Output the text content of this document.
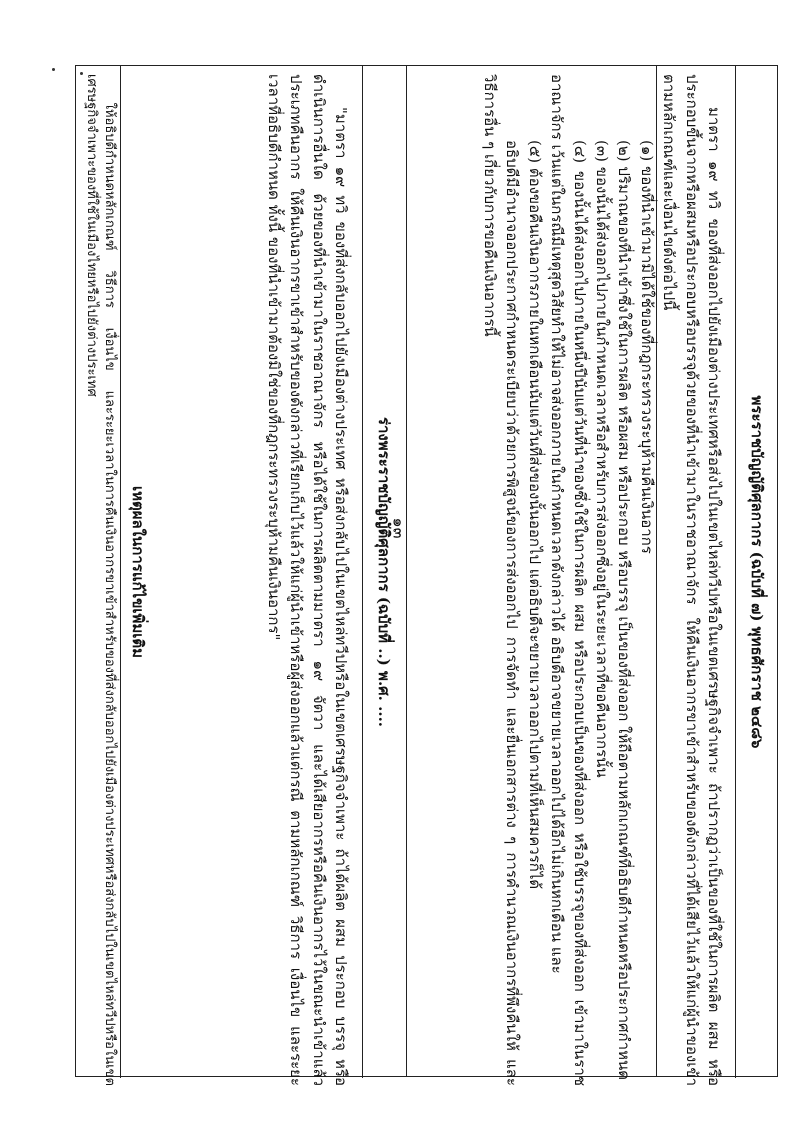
๑๓	พระราชบัญญัติศุลกากร (ฉบับที่ ๗) พุทธศักราช ๒๔๘๖

มาตรา ๑๙ ทวิ ของที่ส่งออกไปยังเมืองต่างประเทศหรือส่งไปในเขตไหล่ทวีปหรือในเขตเศรษฐกิจจำเพาะ ถ้าปรากฏว่าเป็นของที่ใช้ในการผลิต ผสม หรือประกอบขึ้นจากหรือผสมหรือประกอบหรือบรรจุด้วยของที่นำเข้ามาในราชอาณาจักร ให้คืนเงินอากรขาเข้าสำหรับของดังกล่าวที่ได้เสียไว้แล้วให้แก่ผู้นำของเข้า ตามหลักเกณฑ์และเงื่อนไขดังต่อไปนี้

(๑) ของที่นำเข้ามามิได้ใช้ของที่กฎกระทรวงระบุห้ามคืนเงินอากร

(๒) ปริมาณของที่นำเข้าซึ่งใช้ในการผลิต หรือผสม หรือประกอบ หรือบรรจุ เป็นของที่ส่งออก ให้ถือตามหลักเกณฑ์ที่อธิบดีกำหนดหรือประกาศกำหนด

(๓) ของนั้นได้ส่งออกไปภายในกำหนดเวลาหรือสำหรับการส่งออกซึ่งอยู่ในระยะเวลาที่ขอคืนอากรนั้น

(๔) ของนั้นได้ส่งออกไปภายในหนึ่งปีนับแต่วันที่นำของซึ่งใช้ในการผลิต ผสม หรือประกอบเป็นของที่ส่งออก หรือใช้บรรจุของที่ส่งออก เข้ามาในราชอาณาจักร เว้นแต่ในกรณีมีเหตุสุดวิสัยทำให้ไม่อาจส่งออกภายในกำหนดเวลาดังกล่าวได้ อธิบดีอาจขยายเวลาออกไปได้อีกไม่เกินหกเดือน และ

(๕) ต้องขอคืนเงินอากรภายในหกเดือนนับแต่วันที่ส่งของนั้นออกไป แต่อธิบดีจะขยายเวลาออกไปตามที่เห็นสมควรก็ได้

อธิบดีมีอำนาจออกประกาศกำหนดระเบียบว่าด้วยการพิสูจน์ของการส่งออกไป การจัดทำ และยื่นเอกสารต่าง ๆ การคำนวณเงินอากรที่พึงคืนให้ และวิธีการอื่น ๆ เกี่ยวกับการขอคืนเงินอากรนี้

ร่างพระราชบัญญัติศุลกากร (ฉบับที่ ..) พ.ศ. ....

"มาตรา ๑๙ ทวิ ของที่ส่งกลับออกไปยังเมืองต่างประเทศ หรือส่งกลับไปในเขตไหล่ทวีปหรือในเขตเศรษฐกิจจำเพาะ ถ้าได้ผลิต ผสม ประกอบ บรรจุ หรือดำเนินการอื่นใด ด้วยของที่นำเข้ามาในราชอาณาจักร หรือได้ใช้ในการผลิตตามมาตรา ๑๙ จัตวา และได้เสียอากรหรือคืนเงินอากรไว้ในขณะนำเข้าแล้ว ประเภทคืนอากร ให้คืนเงินอากรขาเข้าสำหรับของดังกล่าวที่เรียกเก็บไว้แล้วให้แก่ผู้นำเข้าหรือผู้ส่งออกแล้วแต่กรณี ตามหลักเกณฑ์ วิธีการ เงื่อนไข และระยะเวลาที่อธิบดีกำหนด ทั้งนี้ ของที่นำเข้ามาต้องมิใช่ของที่กฎกระทรวงระบุห้ามคืนเงินอากร"

เหตุผลในการแก้ไขเพิ่มเติม

ให้อธิบดีกำหนดหลักเกณฑ์ วิธีการ เงื่อนไข และระยะเวลาในการคืนเงินอากรขาเข้าสำหรับของที่ส่งกลับออกไปยังเมืองต่างประเทศหรือส่งกลับไปในเขตไหล่ทวีปหรือในเขตเศรษฐกิจจำเพาะของที่ใช้ในเมืองไทยหรือไปยังต่างประเทศ
